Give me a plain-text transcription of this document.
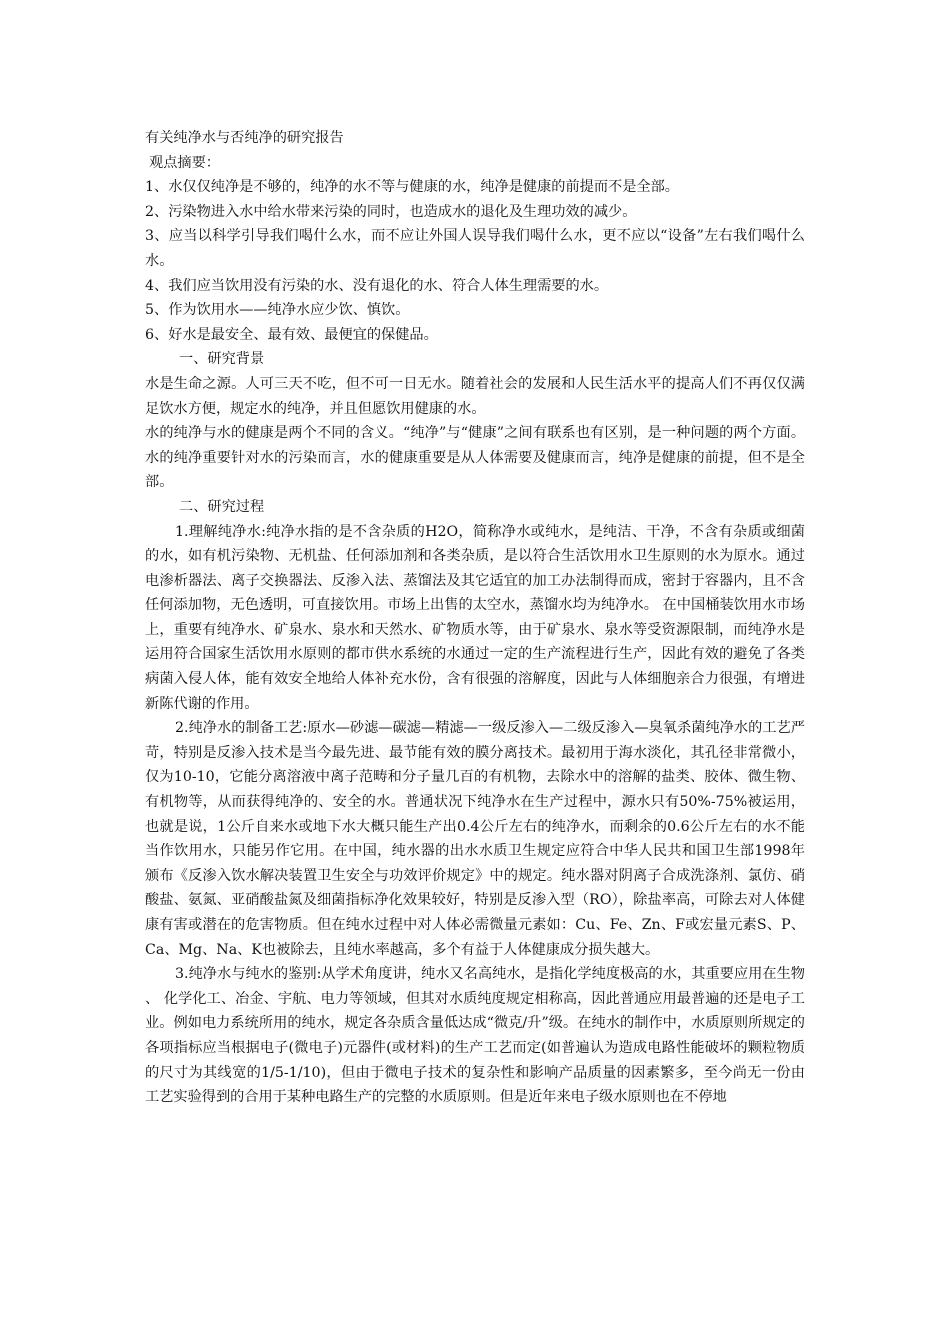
有关纯净水与否纯净的研究报告

观点摘要：

1、水仅仅纯净是不够的，纯净的水不等与健康的水，纯净是健康的前提而不是全部。

2、污染物进入水中给水带来污染的同时，也造成水的退化及生理功效的减少。

3、应当以科学引导我们喝什么水，而不应让外国人误导我们喝什么水，更不应以“设备”左右我们喝什么水。

4、我们应当饮用没有污染的水、没有退化的水、符合人体生理需要的水。

5、作为饮用水——纯净水应少饮、慎饮。

6、好水是最安全、最有效、最便宜的保健品。

一、研究背景

水是生命之源。人可三天不吃，但不可一日无水。随着社会的发展和人民生活水平的提高人们不再仅仅满足饮水方便，规定水的纯净，并且但愿饮用健康的水。

水的纯净与水的健康是两个不同的含义。“纯净”与“健康”之间有联系也有区别，是一种问题的两个方面。水的纯净重要针对水的污染而言，水的健康重要是从人体需要及健康而言，纯净是健康的前提，但不是全部。

二、研究过程

1.理解纯净水:纯净水指的是不含杂质的H2O，简称净水或纯水，是纯洁、干净，不含有杂质或细菌的水，如有机污染物、无机盐、任何添加剂和各类杂质，是以符合生活饮用水卫生原则的水为原水。通过电渗析器法、离子交换器法、反渗入法、蒸馏法及其它适宜的加工办法制得而成，密封于容器内，且不含任何添加物，无色透明，可直接饮用。市场上出售的太空水，蒸馏水均为纯净水。 在中国桶装饮用水市场上，重要有纯净水、矿泉水、泉水和天然水、矿物质水等，由于矿泉水、泉水等受资源限制，而纯净水是运用符合国家生活饮用水原则的都市供水系统的水通过一定的生产流程进行生产，因此有效的避免了各类病菌入侵人体，能有效安全地给人体补充水份，含有很强的溶解度，因此与人体细胞亲合力很强，有增进新陈代谢的作用。

2.纯净水的制备工艺:原水—砂滤—碳滤—精滤—一级反渗入—二级反渗入—臭氧杀菌纯净水的工艺严苛，特别是反渗入技术是当今最先进、最节能有效的膜分离技术。最初用于海水淡化，其孔径非常微小，仅为10-10，它能分离溶液中离子范畴和分子量几百的有机物，去除水中的溶解的盐类、胶体、微生物、有机物等，从而获得纯净的、安全的水。普通状况下纯净水在生产过程中，源水只有50%-75%被运用，也就是说，1公斤自来水或地下水大概只能生产出0.4公斤左右的纯净水，而剩余的0.6公斤左右的水不能当作饮用水，只能另作它用。在中国，纯水器的出水水质卫生规定应符合中华人民共和国卫生部1998年颁布《反渗入饮水解决装置卫生安全与功效评价规定》中的规定。纯水器对阴离子合成洗涤剂、氯仿、硝酸盐、氨氮、亚硝酸盐氮及细菌指标净化效果较好，特别是反渗入型（RO），除盐率高，可除去对人体健康有害或潜在的危害物质。但在纯水过程中对人体必需微量元素如：Cu、Fe、Zn、F或宏量元素S、P、Ca、Mg、Na、K也被除去，且纯水率越高，多个有益于人体健康成分损失越大。

3.纯净水与纯水的鉴别:从学术角度讲，纯水又名高纯水，是指化学纯度极高的水，其重要应用在生物、 化学化工、冶金、宇航、电力等领域，但其对水质纯度规定相称高，因此普通应用最普遍的还是电子工业。例如电力系统所用的纯水，规定各杂质含量低达成“微克/升”级。在纯水的制作中，水质原则所规定的各项指标应当根据电子(微电子)元器件(或材料)的生产工艺而定(如普遍认为造成电路性能破坏的颗粒物质的尺寸为其线宽的1/5-1/10)，但由于微电子技术的复杂性和影响产品质量的因素繁多，至今尚无一份由工艺实验得到的合用于某种电路生产的完整的水质原则。但是近年来电子级水原则也在不停地
